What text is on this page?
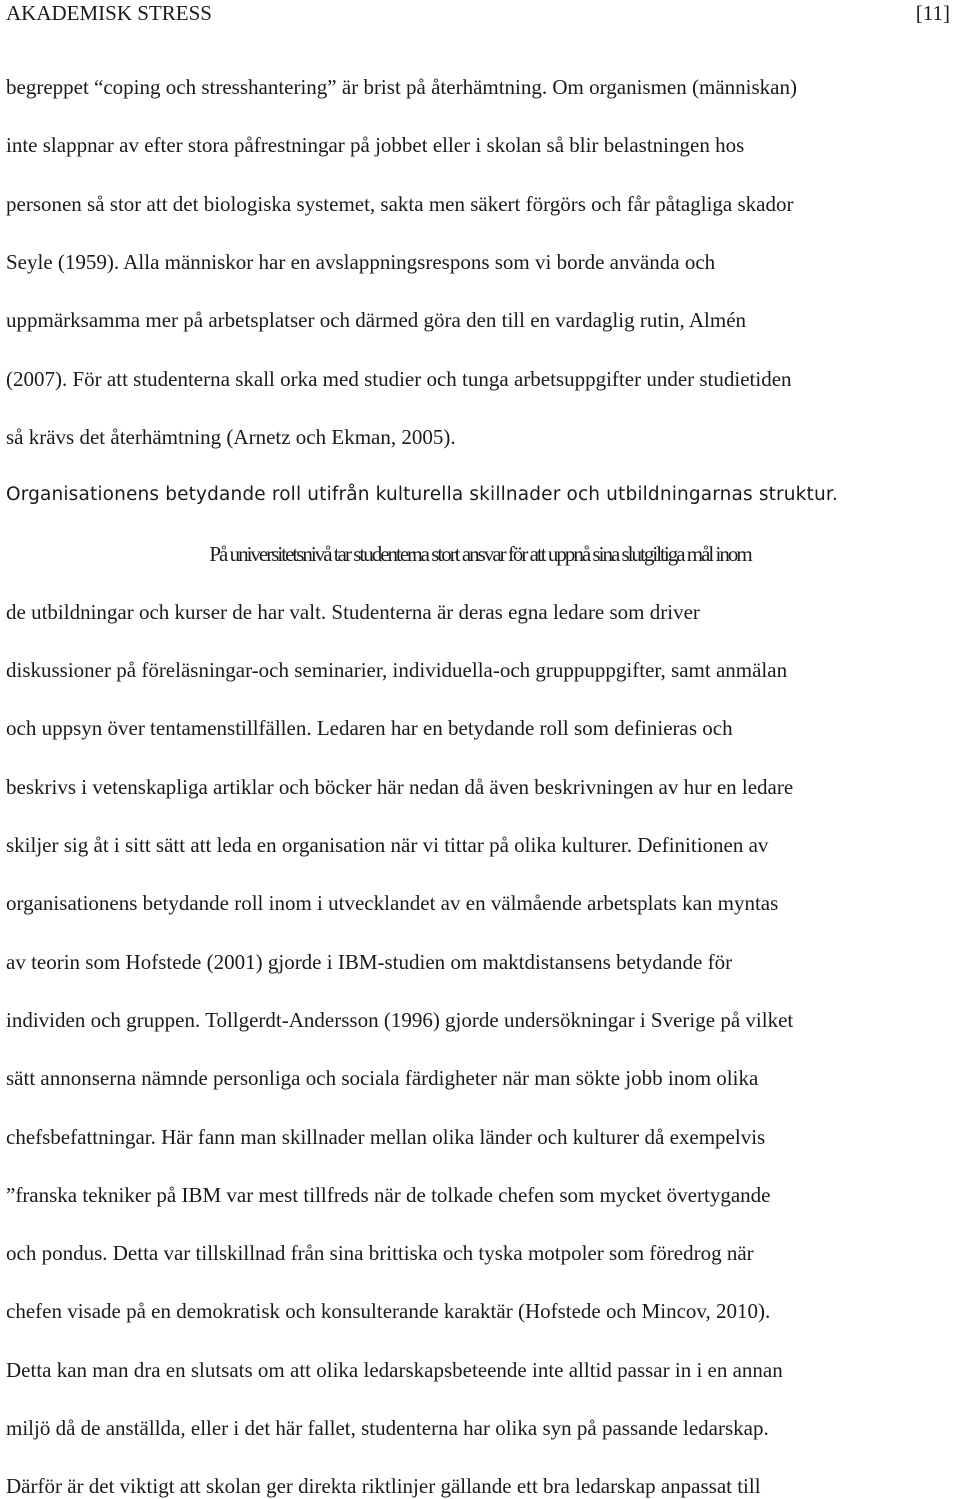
AKADEMISK STRESS	[11]
begreppet “coping och stresshantering” är brist på återhämtning. Om organismen (människan)
inte slappnar av efter stora påfrestningar på jobbet eller i skolan så blir belastningen hos
personen så stor att det biologiska systemet, sakta men säkert förgörs och får påtagliga skador
Seyle (1959). Alla människor har en avslappningsrespons som vi borde använda och
uppmärksamma mer på arbetsplatser och därmed göra den till en vardaglig rutin, Almén
(2007). För att studenterna skall orka med studier och tunga arbetsuppgifter under studietiden
så krävs det återhämtning (Arnetz och Ekman, 2005).
Organisationens betydande roll utifrån kulturella skillnader och utbildningarnas struktur.
På universitetsnivå tar studenterna stort ansvar för att uppnå sina slutgiltiga mål inom
de utbildningar och kurser de har valt. Studenterna är deras egna ledare som driver
diskussioner på föreläsningar-och seminarier, individuella-och gruppuppgifter, samt anmälan
och uppsyn över tentamenstillfällen. Ledaren har en betydande roll som definieras och
beskrivs i vetenskapliga artiklar och böcker här nedan då även beskrivningen av hur en ledare
skiljer sig åt i sitt sätt att leda en organisation när vi tittar på olika kulturer. Definitionen av
organisationens betydande roll inom i utvecklandet av en välmående arbetsplats kan myntas
av teorin som Hofstede (2001) gjorde i IBM-studien om maktdistansens betydande för
individen och gruppen. Tollgerdt-Andersson (1996) gjorde undersökningar i Sverige på vilket
sätt annonserna nämnde personliga och sociala färdigheter när man sökte jobb inom olika
chefsbefattningar. Här fann man skillnader mellan olika länder och kulturer då exempelvis
”franska tekniker på IBM var mest tillfreds när de tolkade chefen som mycket övertygande
och pondus. Detta var tillskillnad från sina brittiska och tyska motpoler som föredrog när
chefen visade på en demokratisk och konsulterande karaktär (Hofstede och Mincov, 2010).
Detta kan man dra en slutsats om att olika ledarskapsbeteende inte alltid passar in i en annan
miljö då de anställda, eller i det här fallet, studenterna har olika syn på passande ledarskap.
Därför är det viktigt att skolan ger direkta riktlinjer gällande ett bra ledarskap anpassat till
